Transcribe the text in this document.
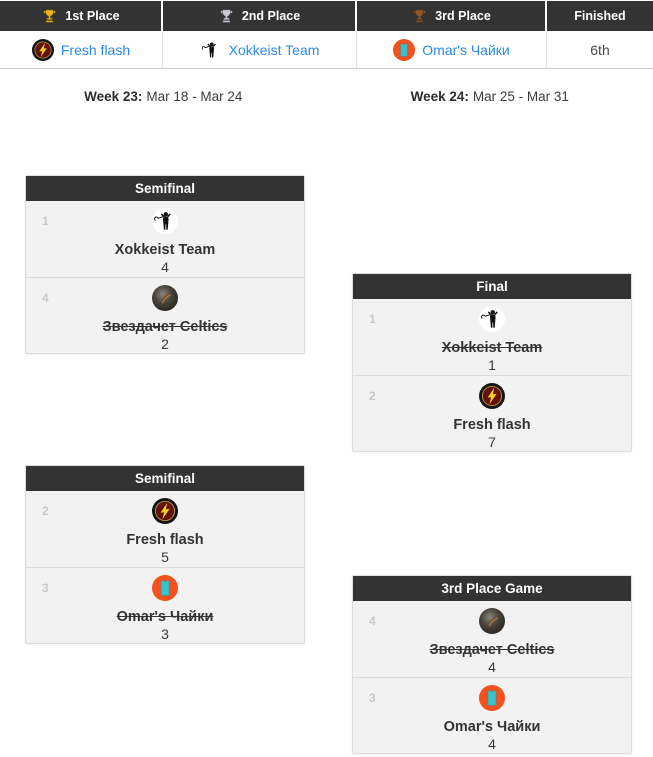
1st Place	2nd Place	3rd Place	Finished
Fresh flash	Xokkeist Team	Omar's Чайки	6th
Week 23: Mar 18 - Mar 24	Week 24: Mar 25 - Mar 31
Semifinal
1
Xokkeist Team
4
4
Звездачет Celtics
2
Final
1
Xokkeist Team
1
2
Fresh flash
7
Semifinal
2
Fresh flash
5
3
Omar's Чайки
3
3rd Place Game
4
Звездачет Celtics
4
3
Omar's Чайки
4
